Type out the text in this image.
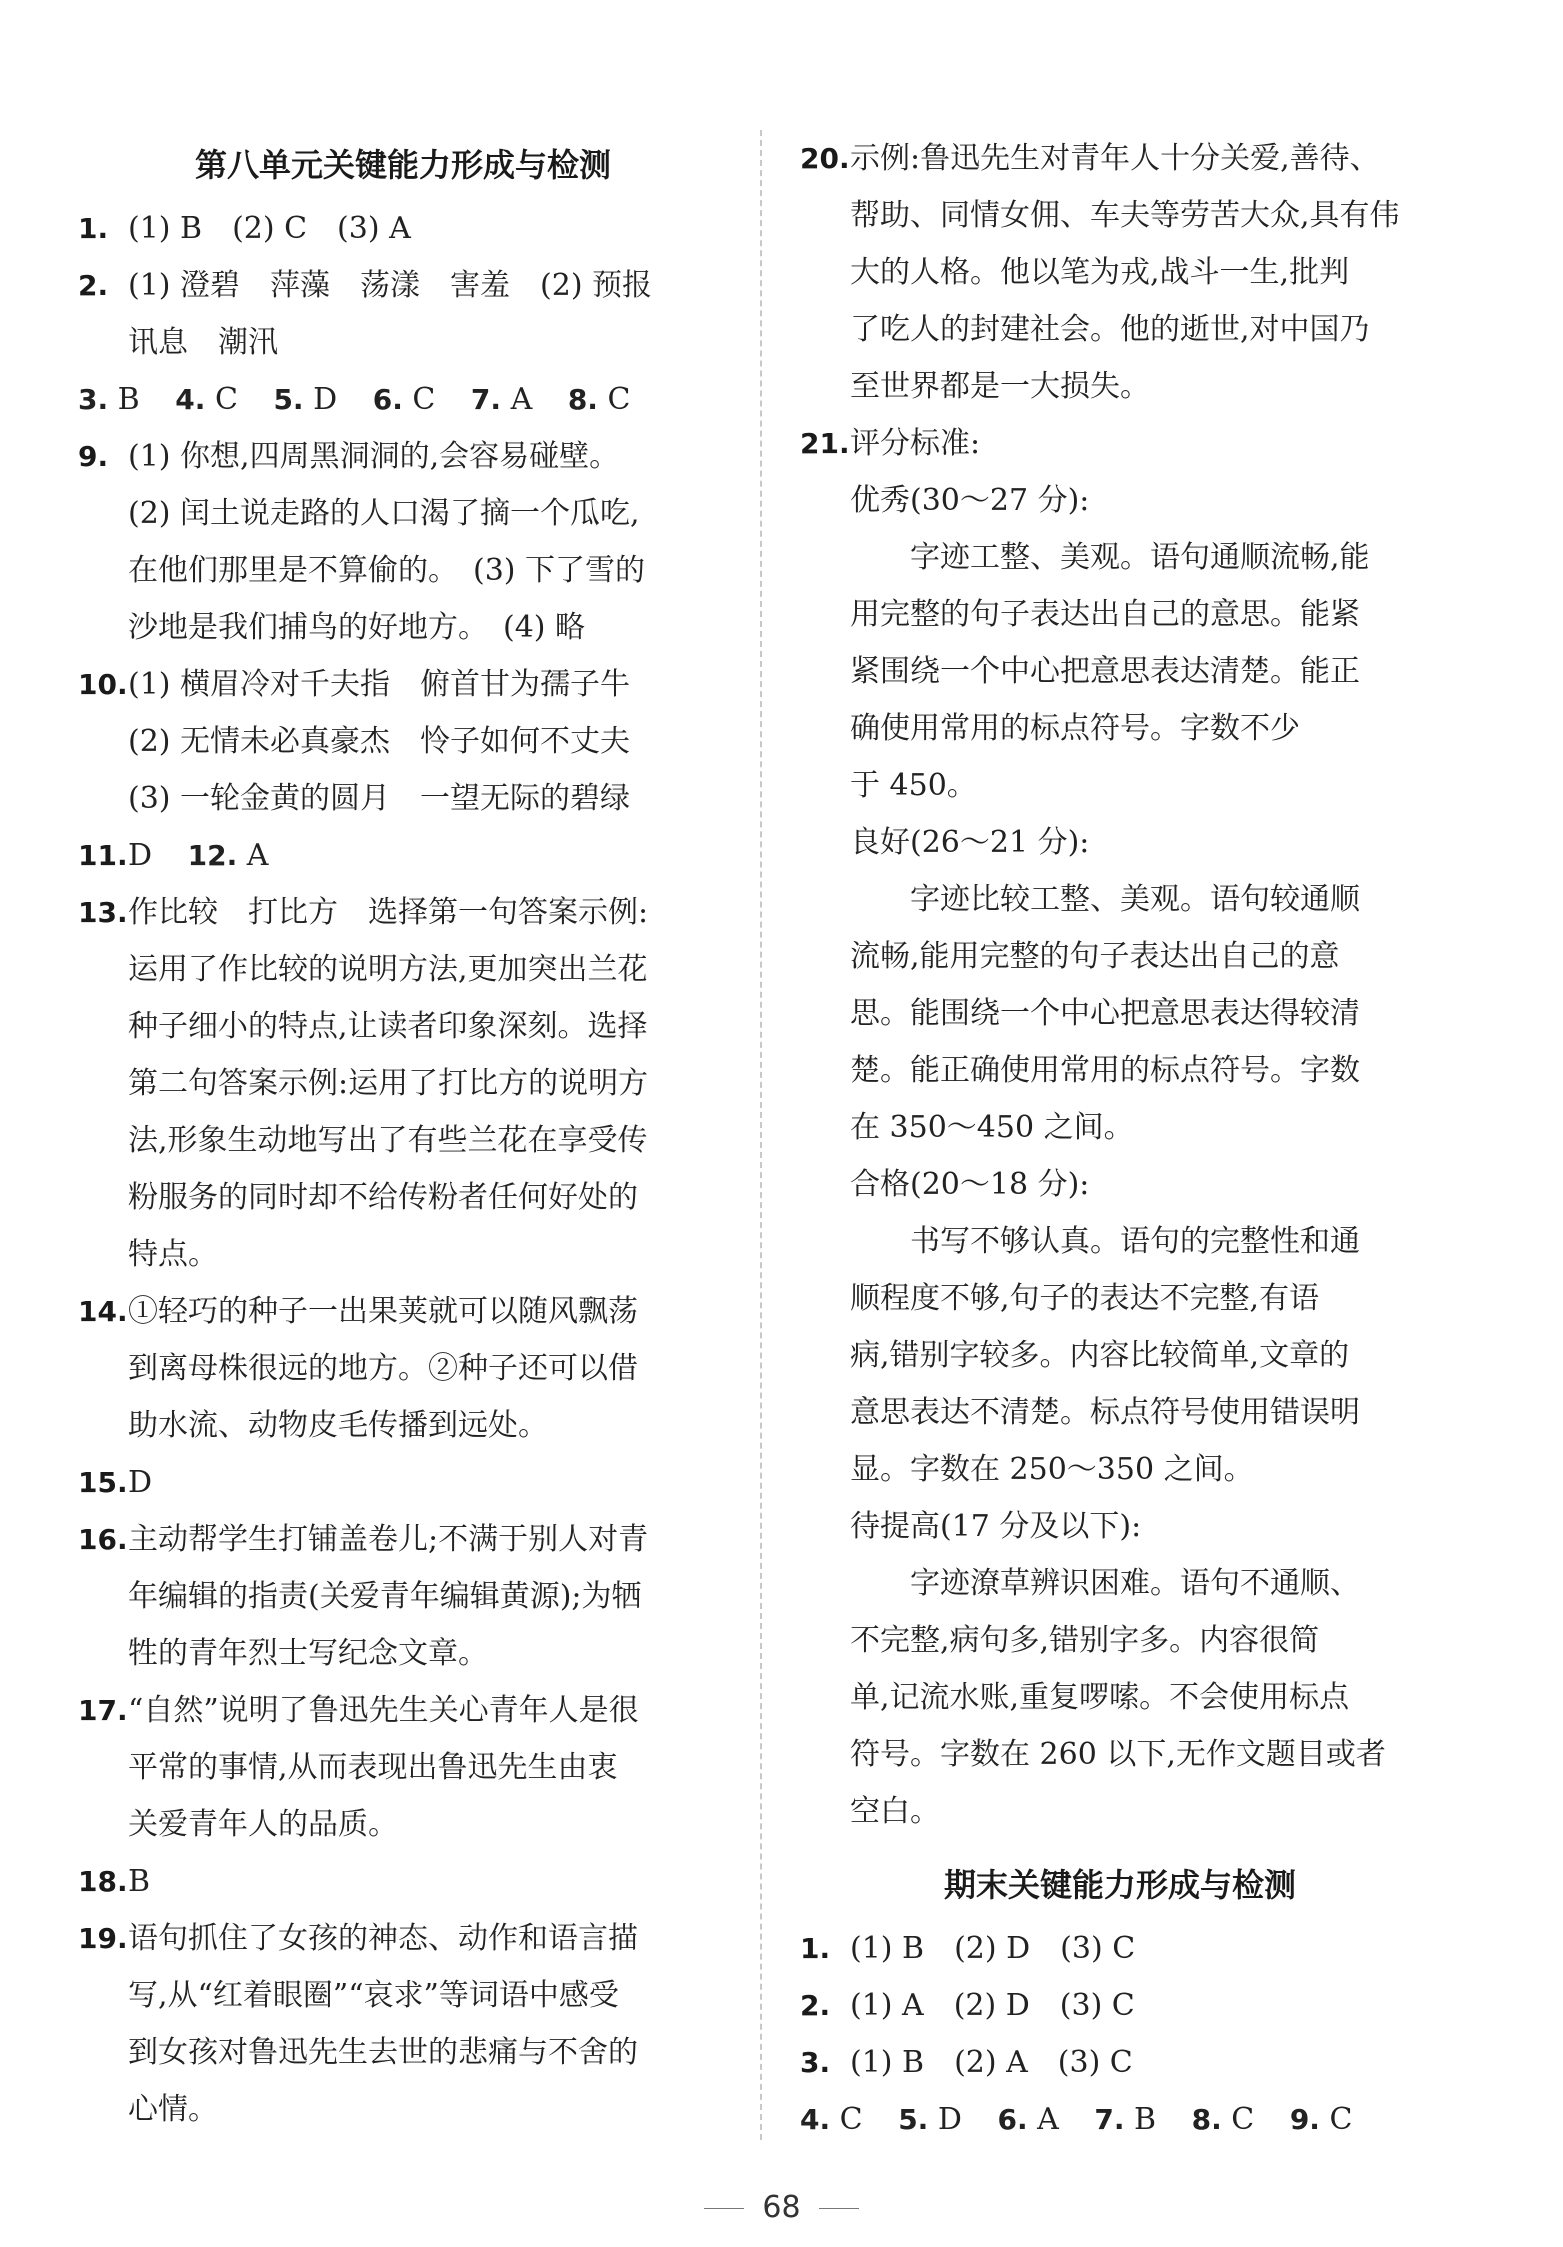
第八单元关键能力形成与检测
1. (1) B　(2) C　(3) A
2. (1) 澄碧　萍藻　荡漾　害羞　(2) 预报
讯息　潮汛
3. B 4. C 5. D 6. C 7. A 8. C
9. (1) 你想,四周黑洞洞的,会容易碰壁。
(2) 闰土说走路的人口渴了摘一个瓜吃,
在他们那里是不算偷的。　(3) 下了雪的
沙地是我们捕鸟的好地方。　(4) 略
10. (1) 横眉冷对千夫指　俯首甘为孺子牛
(2) 无情未必真豪杰　怜子如何不丈夫
(3) 一轮金黄的圆月　一望无际的碧绿
11. D 12. A
13. 作比较　打比方　选择第一句答案示例:
运用了作比较的说明方法,更加突出兰花
种子细小的特点,让读者印象深刻。选择
第二句答案示例:运用了打比方的说明方
法,形象生动地写出了有些兰花在享受传
粉服务的同时却不给传粉者任何好处的
特点。
14. ①轻巧的种子一出果荚就可以随风飘荡
到离母株很远的地方。②种子还可以借
助水流、动物皮毛传播到远处。
15. D
16. 主动帮学生打铺盖卷儿;不满于别人对青
年编辑的指责(关爱青年编辑黄源);为牺
牲的青年烈士写纪念文章。
17. “自然”说明了鲁迅先生关心青年人是很
平常的事情,从而表现出鲁迅先生由衷
关爱青年人的品质。
18. B
19. 语句抓住了女孩的神态、动作和语言描
写,从“红着眼圈”“哀求”等词语中感受
到女孩对鲁迅先生去世的悲痛与不舍的
心情。
20. 示例:鲁迅先生对青年人十分关爱,善待、
帮助、同情女佣、车夫等劳苦大众,具有伟
大的人格。他以笔为戎,战斗一生,批判
了吃人的封建社会。他的逝世,对中国乃
至世界都是一大损失。
21. 评分标准:
优秀(30～27 分):
字迹工整、美观。语句通顺流畅,能
用完整的句子表达出自己的意思。能紧
紧围绕一个中心把意思表达清楚。能正
确使用常用的标点符号。字数不少
于 450。
良好(26～21 分):
字迹比较工整、美观。语句较通顺
流畅,能用完整的句子表达出自己的意
思。能围绕一个中心把意思表达得较清
楚。能正确使用常用的标点符号。字数
在 350～450 之间。
合格(20～18 分):
书写不够认真。语句的完整性和通
顺程度不够,句子的表达不完整,有语
病,错别字较多。内容比较简单,文章的
意思表达不清楚。标点符号使用错误明
显。字数在 250～350 之间。
待提高(17 分及以下):
字迹潦草辨识困难。语句不通顺、
不完整,病句多,错别字多。内容很简
单,记流水账,重复啰嗦。不会使用标点
符号。字数在 260 以下,无作文题目或者
空白。
期末关键能力形成与检测
1. (1) B　(2) D　(3) C
2. (1) A　(2) D　(3) C
3. (1) B　(2) A　(3) C
4. C 5. D 6. A 7. B 8. C 9. C
68
